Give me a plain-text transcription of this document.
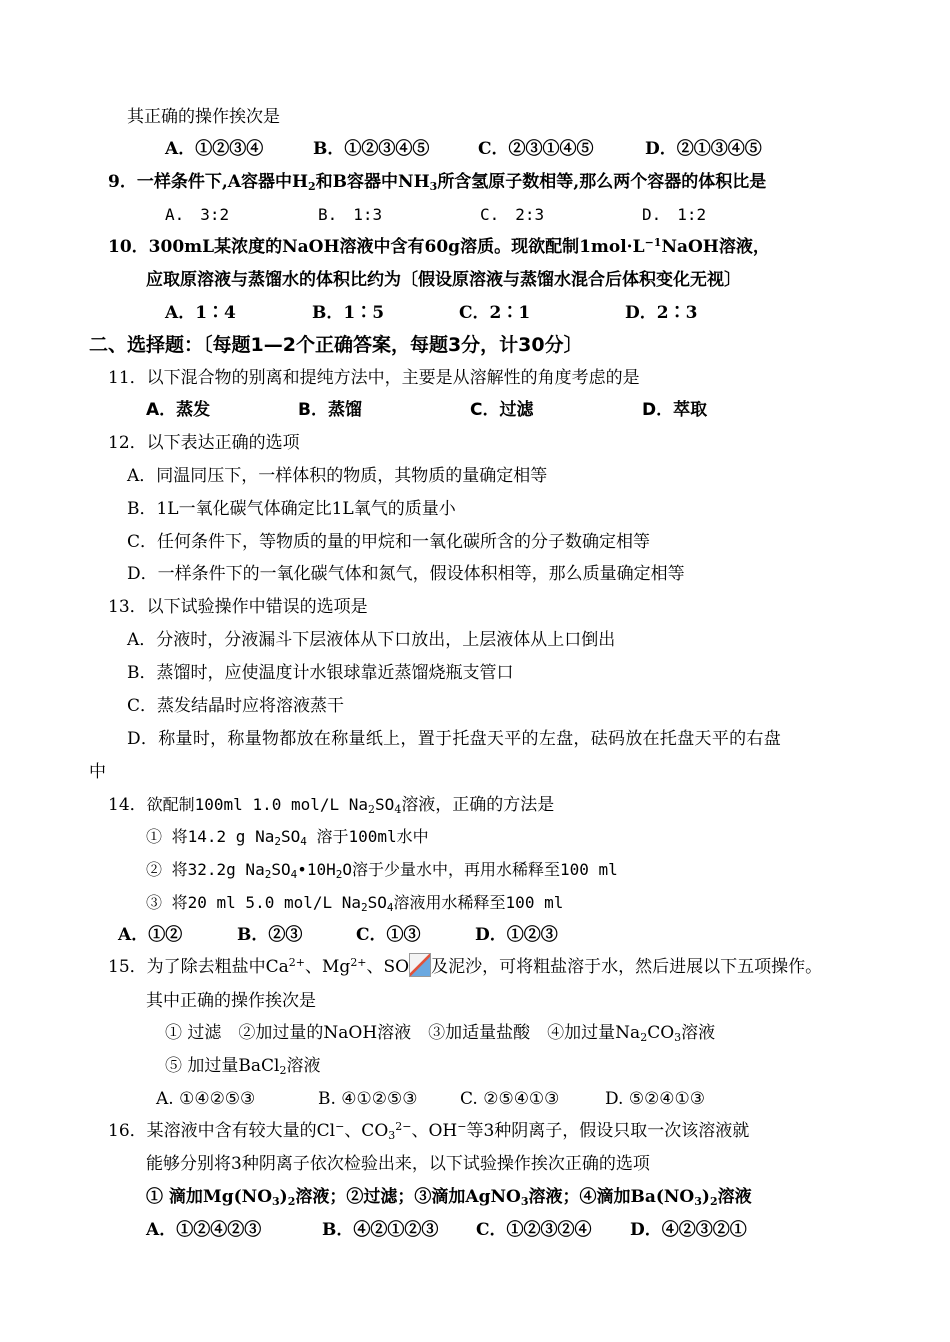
其正确的操作挨次是
A．①②③④	B．①②③④⑤	C．②③①④⑤	D．②①③④⑤
9．一样条件下,A容器中$H_2$和B容器中$NH_3$所含氢原子数相等,那么两个容器的体积比是
A.　3:2	B.　1:3	C.　2:3	D.　1:2
10．300mL某浓度的NaOH溶液中含有60g溶质。现欲配制$1mol\cdot L^{-1}NaOH$溶液，
应取原溶液与蒸馏水的体积比约为〔假设原溶液与蒸馏水混合后体积变化无视〕
A．1∶4	B．1∶5	C．2∶1	D．2∶3
二、选择题：〔每题1—2个正确答案，每题3分，计30分〕
11．以下混合物的别离和提纯方法中，主要是从溶解性的角度考虑的是
A．蒸发	B．蒸馏	C．过滤	D．萃取
12．以下表达正确的选项
A．同温同压下，一样体积的物质，其物质的量确定相等
B．1L一氧化碳气体确定比1L氧气的质量小
C．任何条件下，等物质的量的甲烷和一氧化碳所含的分子数确定相等
D．一样条件下的一氧化碳气体和氮气，假设体积相等，那么质量确定相等
13．以下试验操作中错误的选项是
A．分液时，分液漏斗下层液体从下口放出，上层液体从上口倒出
B．蒸馏时，应使温度计水银球靠近蒸馏烧瓶支管口
C．蒸发结晶时应将溶液蒸干
D．称量时，称量物都放在称量纸上，置于托盘天平的左盘，砝码放在托盘天平的右盘
中
14．欲配制100ml 1.0 mol/L $Na_2SO_4$溶液，正确的方法是
① 将14.2 g $Na_2SO_4$ 溶于100ml水中
② 将32.2g $Na_2SO_4•10H_2O$溶于少量水中，再用水稀释至100 ml
③ 将20 ml 5.0 mol/L $Na_2SO_4$溶液用水稀释至100 ml
A．①②	B．②③	C．①③	D．①②③
15．为了除去粗盐中$Ca^{2+}$、$Mg^{2+}$、SO 及泥沙，可将粗盐溶于水，然后进展以下五项操作。
其中正确的操作挨次是
① 过滤　②加过量的NaOH溶液　③加适量盐酸　④加过量$Na_2CO_3$溶液
⑤ 加过量BaCl$_2$溶液
A. ①④②⑤③	B. ④①②⑤③ C. ②⑤④①③	D. ⑤②④①③
16．某溶液中含有较大量的Cl−、$CO_3^{2-}$、OH−等3种阴离子，假设只取一次该溶液就
能够分别将3种阴离子依次检验出来，以下试验操作挨次正确的选项
① 滴加$Mg(NO_3)_2$溶液；②过滤；③滴加AgNO$_3$溶液；④滴加$Ba(NO_3)_2$溶液
A．①②④②③	B．④②①②③ C．①②③②④ D．④②③②①
